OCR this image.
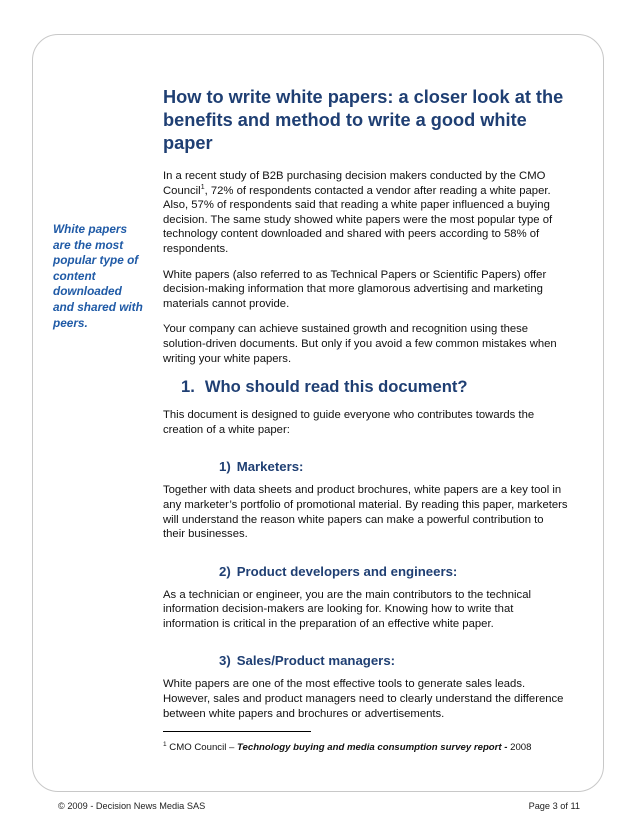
White papers are the most popular type of content downloaded and shared with peers.
How to write white papers: a closer look at the benefits and method to write a good white paper

In a recent study of B2B purchasing decision makers conducted by the CMO Council$^1$, 72% of respondents contacted a vendor after reading a white paper. Also, 57% of respondents said that reading a white paper influenced a buying decision. The same study showed white papers were the most popular type of technology content downloaded and shared with peers according to 58% of respondents.

White papers (also referred to as Technical Papers or Scientific Papers) offer decision-making information that more glamorous advertising and marketing materials cannot provide.

Your company can achieve sustained growth and recognition using these solution-driven documents. But only if you avoid a few common mistakes when writing your white papers.

1. Who should read this document?

This document is designed to guide everyone who contributes towards the creation of a white paper:

1) Marketers:

Together with data sheets and product brochures, white papers are a key tool in any marketer’s portfolio of promotional material. By reading this paper, marketers will understand the reason white papers can make a powerful contribution to their businesses.

2) Product developers and engineers:

As a technician or engineer, you are the main contributors to the technical information decision-makers are looking for. Knowing how to write that information is critical in the preparation of an effective white paper.

3) Sales/Product managers:

White papers are one of the most effective tools to generate sales leads. However, sales and product managers need to clearly understand the difference between white papers and brochures or advertisements.

$^1$ CMO Council – Technology buying and media consumption survey report - 2008
© 2009 - Decision News Media SAS	Page 3 of 11
